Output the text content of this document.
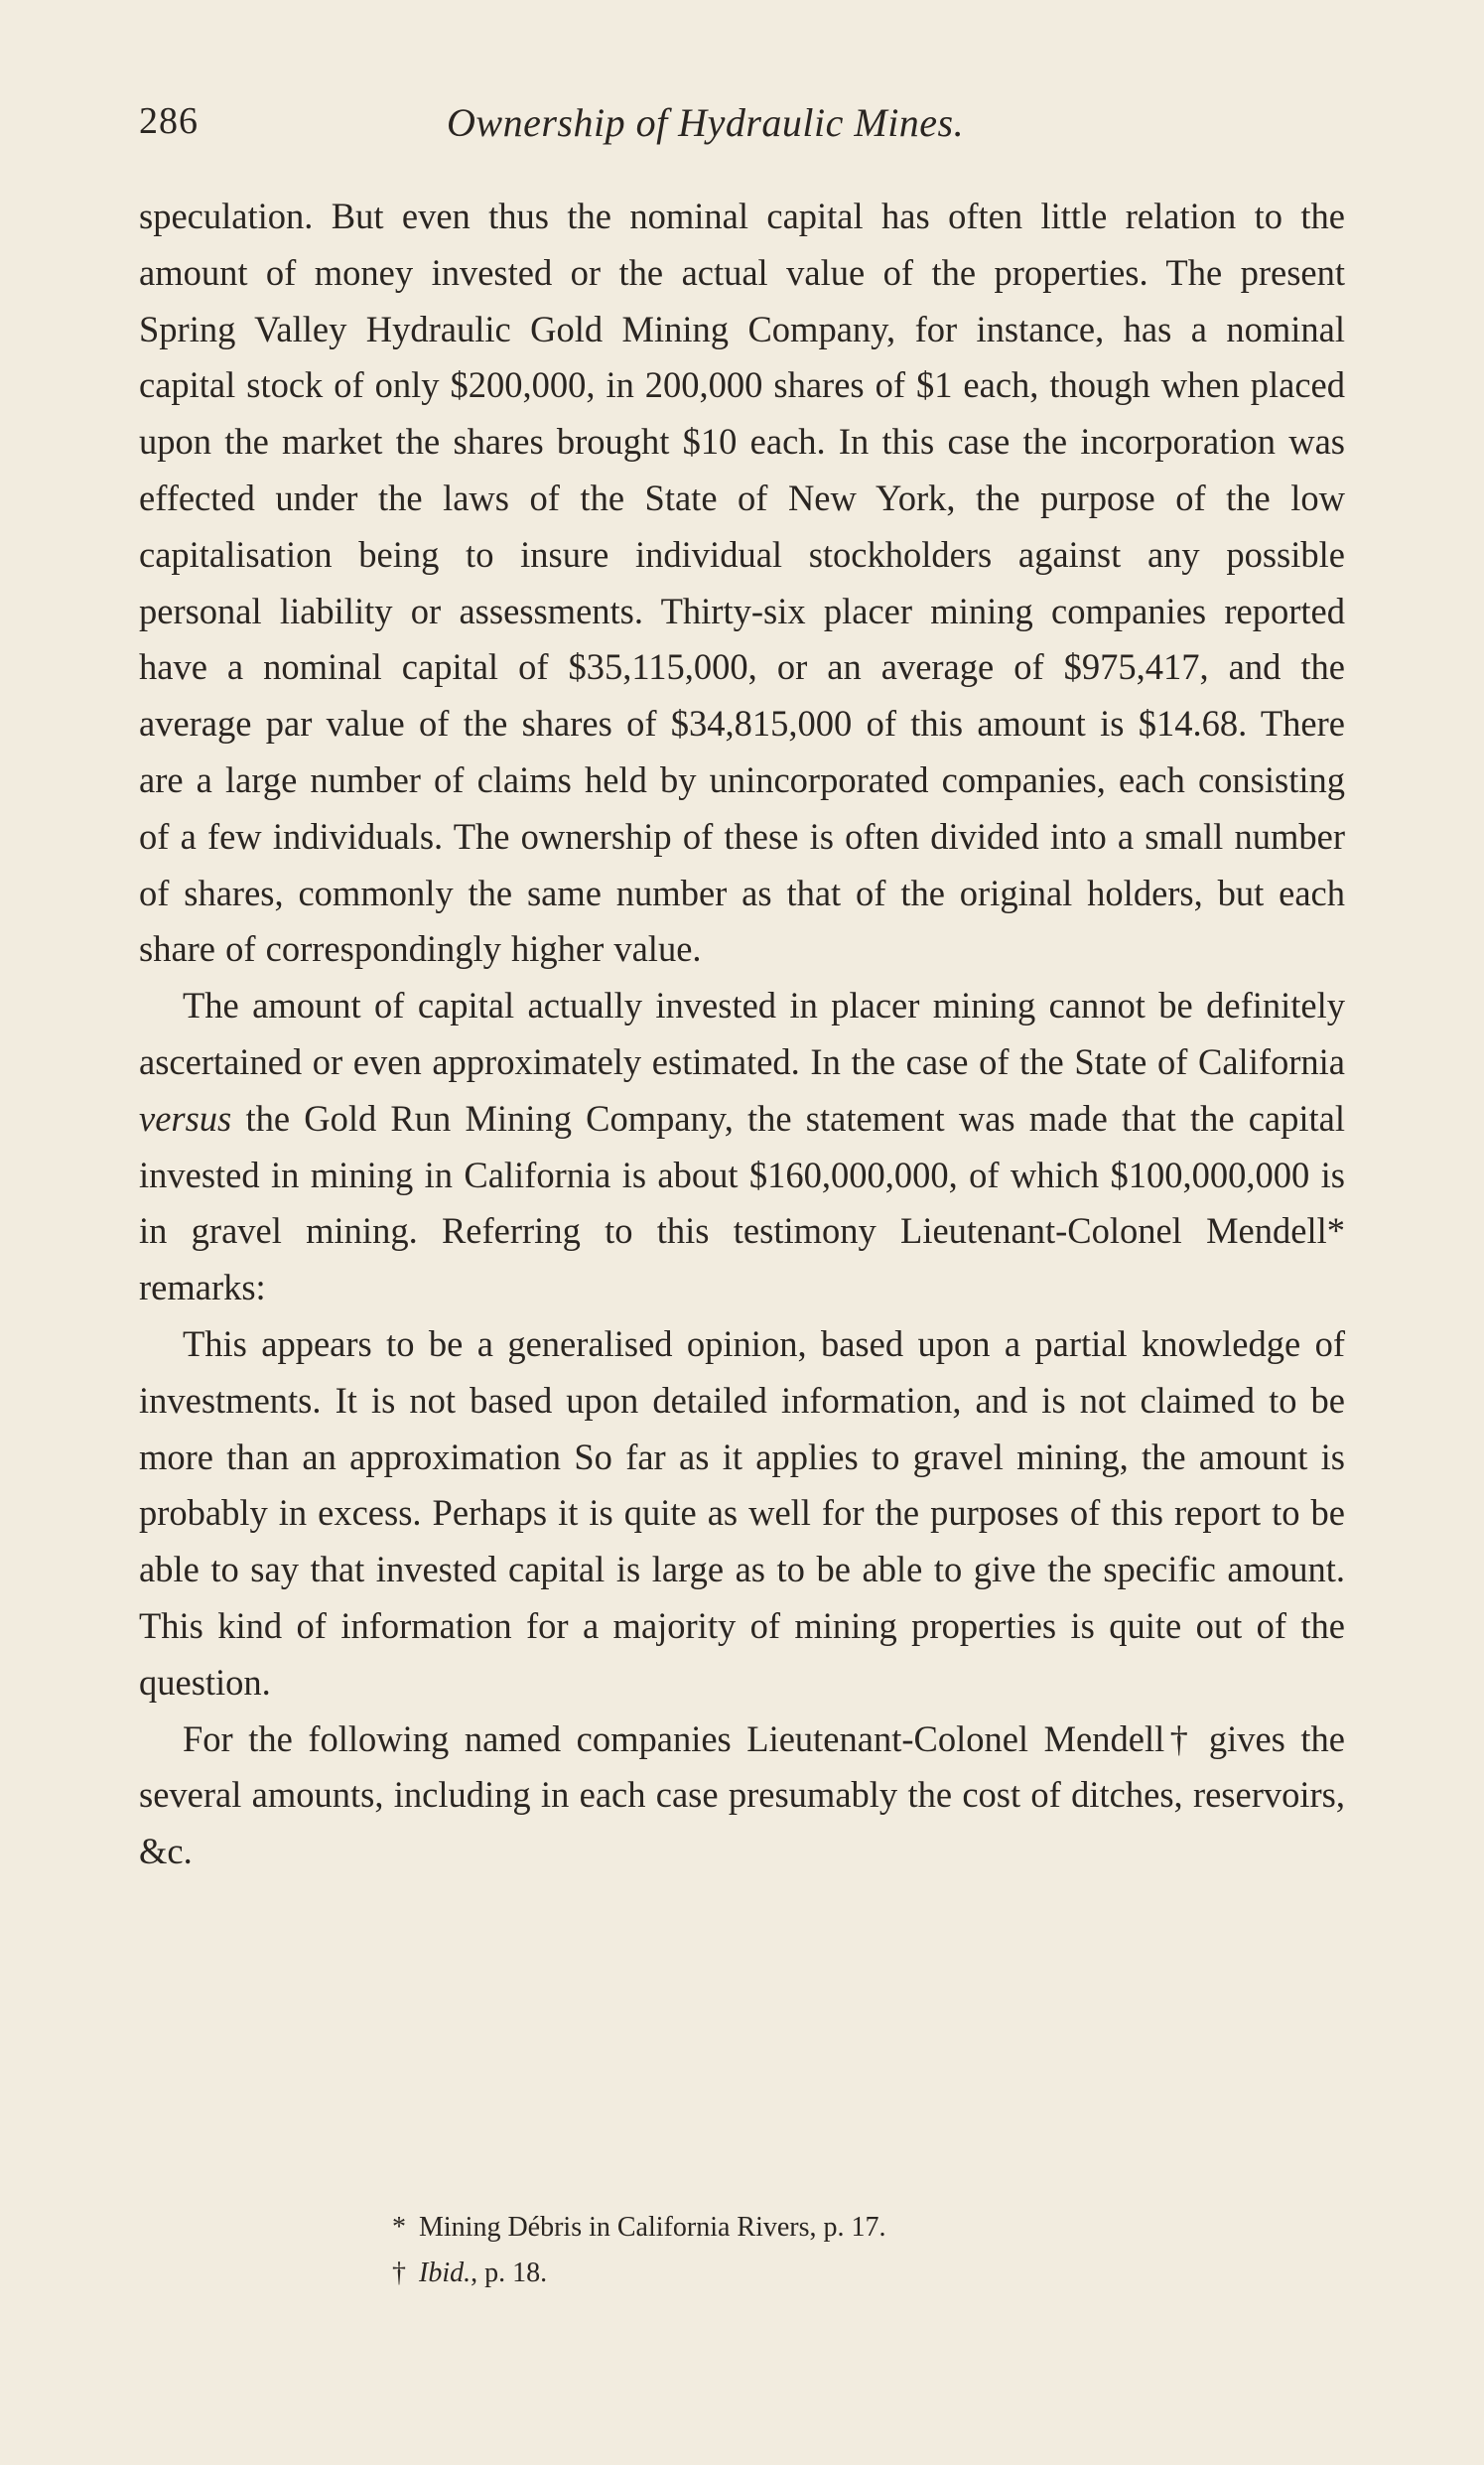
286	Ownership of Hydraulic Mines.

speculation. But even thus the nominal capital has often little relation to the amount of money invested or the actual value of the properties. The present Spring Valley Hydraulic Gold Mining Company, for instance, has a nominal capital stock of only $200,000, in 200,000 shares of $1 each, though when placed upon the market the shares brought $10 each. In this case the incorporation was effected under the laws of the State of New York, the purpose of the low capitalisation being to insure individual stockholders against any possible personal liability or assessments. Thirty-six placer mining companies reported have a nominal capital of $35,115,000, or an average of $975,417, and the average par value of the shares of $34,815,000 of this amount is $14.68. There are a large number of claims held by unincorporated companies, each consisting of a few individuals. The ownership of these is often divided into a small number of shares, commonly the same number as that of the original holders, but each share of correspondingly higher value.

The amount of capital actually invested in placer mining cannot be definitely ascertained or even approximately estimated. In the case of the State of California versus the Gold Run Mining Company, the statement was made that the capital invested in mining in California is about $160,000,000, of which $100,000,000 is in gravel mining. Referring to this testimony Lieutenant-Colonel Mendell* remarks:

This appears to be a generalised opinion, based upon a partial knowledge of investments. It is not based upon detailed information, and is not claimed to be more than an approximation So far as it applies to gravel mining, the amount is probably in excess. Perhaps it is quite as well for the purposes of this report to be able to say that invested capital is large as to be able to give the specific amount. This kind of information for a majority of mining properties is quite out of the question.

For the following named companies Lieutenant-Colonel Mendell† gives the several amounts, including in each case presumably the cost of ditches, reservoirs, &c.

* Mining Débris in California Rivers, p. 17.

† Ibid., p. 18.
